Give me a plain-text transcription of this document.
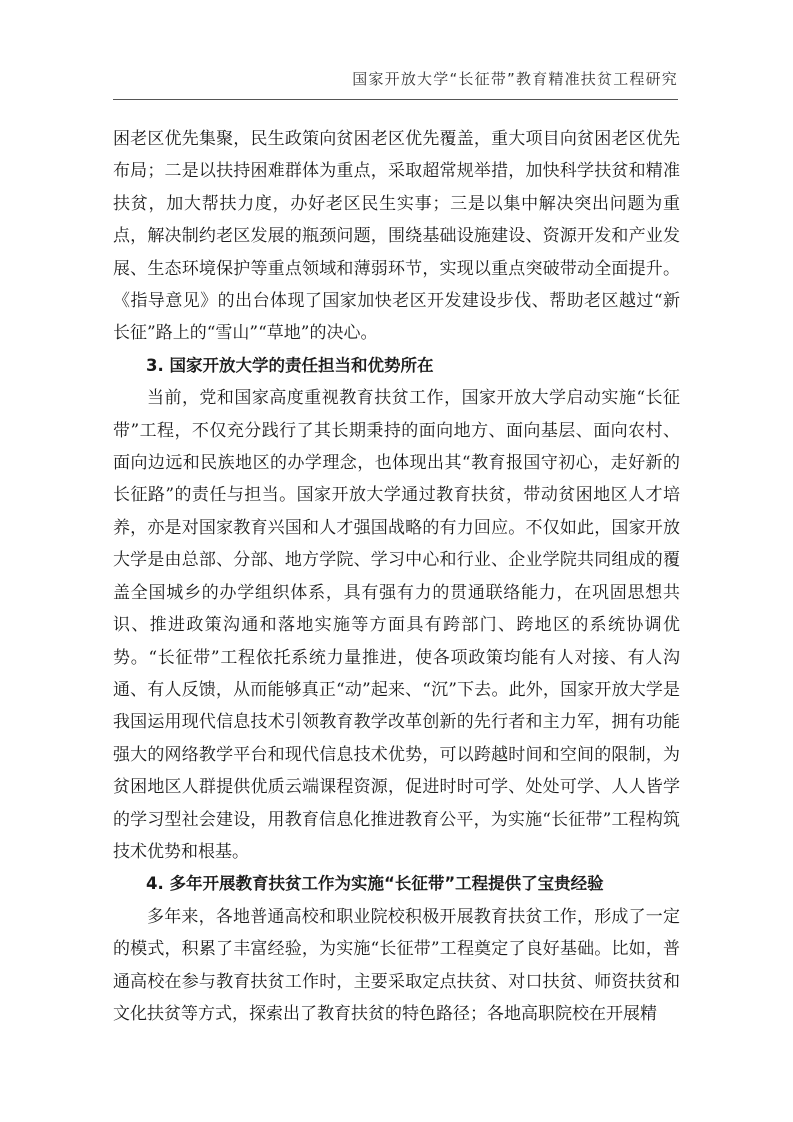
国家开放大学“长征带”教育精准扶贫工程研究

困老区优先集聚，民生政策向贫困老区优先覆盖，重大项目向贫困老区优先布局；二是以扶持困难群体为重点，采取超常规举措，加快科学扶贫和精准扶贫，加大帮扶力度，办好老区民生实事；三是以集中解决突出问题为重点，解决制约老区发展的瓶颈问题，围绕基础设施建设、资源开发和产业发展、生态环境保护等重点领域和薄弱环节，实现以重点突破带动全面提升。《指导意见》的出台体现了国家加快老区开发建设步伐、帮助老区越过“新长征”路上的“雪山”“草地”的决心。

3. 国家开放大学的责任担当和优势所在

当前，党和国家高度重视教育扶贫工作，国家开放大学启动实施“长征带”工程，不仅充分践行了其长期秉持的面向地方、面向基层、面向农村、面向边远和民族地区的办学理念，也体现出其“教育报国守初心，走好新的长征路”的责任与担当。国家开放大学通过教育扶贫，带动贫困地区人才培养，亦是对国家教育兴国和人才强国战略的有力回应。不仅如此，国家开放大学是由总部、分部、地方学院、学习中心和行业、企业学院共同组成的覆盖全国城乡的办学组织体系，具有强有力的贯通联络能力，在巩固思想共识、推进政策沟通和落地实施等方面具有跨部门、跨地区的系统协调优势。“长征带”工程依托系统力量推进，使各项政策均能有人对接、有人沟通、有人反馈，从而能够真正“动”起来、“沉”下去。此外，国家开放大学是我国运用现代信息技术引领教育教学改革创新的先行者和主力军，拥有功能强大的网络教学平台和现代信息技术优势，可以跨越时间和空间的限制，为贫困地区人群提供优质云端课程资源，促进时时可学、处处可学、人人皆学的学习型社会建设，用教育信息化推进教育公平，为实施“长征带”工程构筑技术优势和根基。

4. 多年开展教育扶贫工作为实施“长征带”工程提供了宝贵经验

多年来，各地普通高校和职业院校积极开展教育扶贫工作，形成了一定的模式，积累了丰富经验，为实施“长征带”工程奠定了良好基础。比如，普通高校在参与教育扶贫工作时，主要采取定点扶贫、对口扶贫、师资扶贫和文化扶贫等方式，探索出了教育扶贫的特色路径；各地高职院校在开展精
